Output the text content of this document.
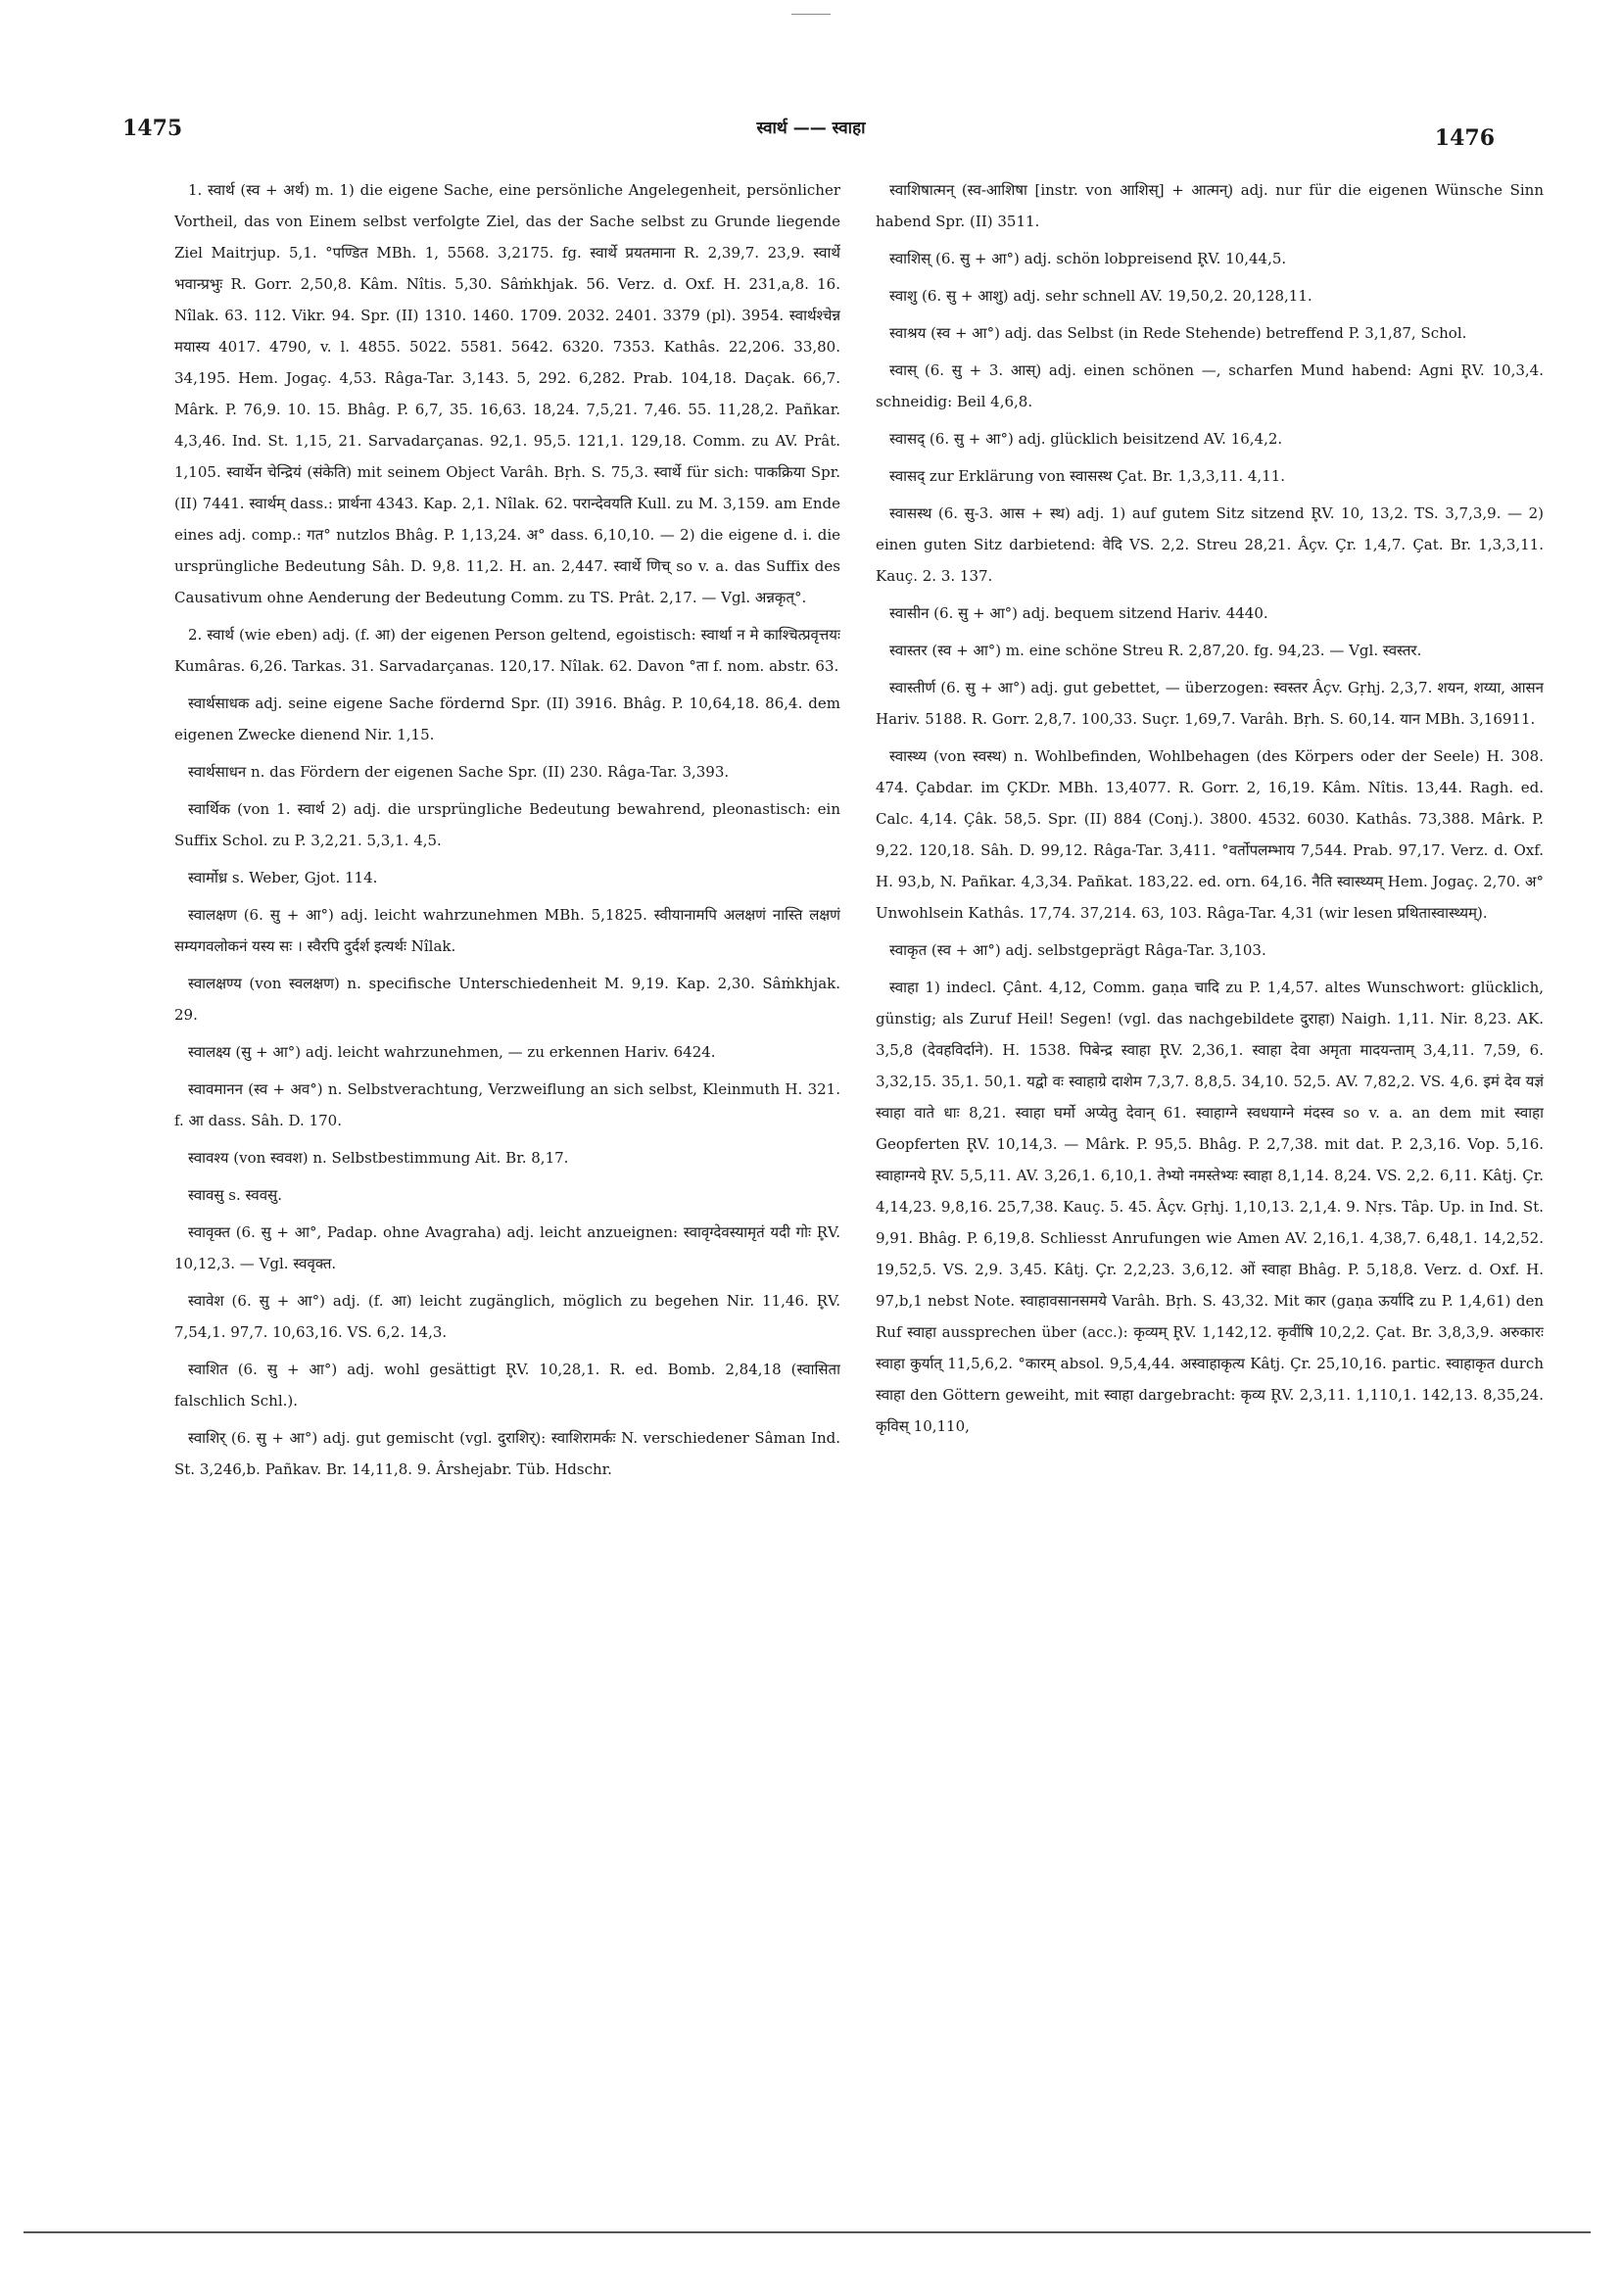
1475	स्वार्थ —— स्वाहा	1476

1. स्वार्थ (स्व + अर्थ) m. 1) die eigene Sache, eine persönliche Angelegenheit, persönlicher Vortheil, das von Einem selbst verfolgte Ziel, das der Sache selbst zu Grunde liegende Ziel Maitrjup. 5,1. °पण्डित MBh. 1, 5568. 3,2175. fg. स्वार्थे प्रयतमाना R. 2,39,7. 23,9. स्वार्थे भवान्प्रभुः R. Gorr. 2,50,8. Kâm. Nîtis. 5,30. Sâṁkhjak. 56. Verz. d. Oxf. H. 231,a,8. 16. Nîlak. 63. 112. Vikr. 94. Spr. (II) 1310. 1460. 1709. 2032. 2401. 3379 (pl). 3954. स्वार्थश्चेन्न मयास्य 4017. 4790, v. l. 4855. 5022. 5581. 5642. 6320. 7353. Kathâs. 22,206. 33,80. 34,195. Hem. Jogaç. 4,53. Râga-Tar. 3,143. 5, 292. 6,282. Prab. 104,18. Daçak. 66,7. Mârk. P. 76,9. 10. 15. Bhâg. P. 6,7, 35. 16,63. 18,24. 7,5,21. 7,46. 55. 11,28,2. Pañkar. 4,3,46. Ind. St. 1,15, 21. Sarvadarçanas. 92,1. 95,5. 121,1. 129,18. Comm. zu AV. Prât. 1,105. स्वार्थेन चेन्द्रियं (संकेति) mit seinem Object Varâh. Bṛh. S. 75,3. स्वार्थे für sich: पाकक्रिया Spr. (II) 7441. स्वार्थम् dass.: प्रार्थना 4343. Kap. 2,1. Nîlak. 62. परान्देवयति Kull. zu M. 3,159. am Ende eines adj. comp.: गत° nutzlos Bhâg. P. 1,13,24. अ° dass. 6,10,10. — 2) die eigene d. i. die ursprüngliche Bedeutung Sâh. D. 9,8. 11,2. H. an. 2,447. स्वार्थे णिच् so v. a. das Suffix des Causativum ohne Aenderung der Bedeutung Comm. zu TS. Prât. 2,17. — Vgl. अन्नकृत्°.

2. स्वार्थ (wie eben) adj. (f. आ) der eigenen Person geltend, egoistisch: स्वार्था न मे काश्चित्प्रवृत्तयः Kumâras. 6,26. Tarkas. 31. Sarvadarçanas. 120,17. Nîlak. 62. Davon °ता f. nom. abstr. 63.

स्वार्थसाधक adj. seine eigene Sache fördernd Spr. (II) 3916. Bhâg. P. 10,64,18. 86,4. dem eigenen Zwecke dienend Nir. 1,15.

स्वार्थसाधन n. das Fördern der eigenen Sache Spr. (II) 230. Râga-Tar. 3,393.

स्वार्थिक (von 1. स्वार्थ 2) adj. die ursprüngliche Bedeutung bewahrend, pleonastisch: ein Suffix Schol. zu P. 3,2,21. 5,3,1. 4,5.

स्वार्मोध्र s. Weber, Gjot. 114.

स्वालक्षण (6. सु + आ°) adj. leicht wahrzunehmen MBh. 5,1825. स्वीयानामपि अलक्षणं नास्ति लक्षणं सम्यगवलोकनं यस्य सः । स्वैरपि दुर्दर्श इत्यर्थः Nîlak.

स्वालक्षण्य (von स्वलक्षण) n. specifische Unterschiedenheit M. 9,19. Kap. 2,30. Sâṁkhjak. 29.

स्वालक्ष्य (सु + आ°) adj. leicht wahrzunehmen, — zu erkennen Hariv. 6424.

स्वावमानन (स्व + अव°) n. Selbstverachtung, Verzweiflung an sich selbst, Kleinmuth H. 321. f. आ dass. Sâh. D. 170.

स्वावश्य (von स्ववश) n. Selbstbestimmung Ait. Br. 8,17.

स्वावसु s. स्ववसु.

स्वावृक्त (6. सु + आ°, Padap. ohne Avagraha) adj. leicht anzueignen: स्वावृग्देवस्यामृतं यदी गोः R̥V. 10,12,3. — Vgl. स्ववृक्त.

स्वावेश (6. सु + आ°) adj. (f. आ) leicht zugänglich, möglich zu begehen Nir. 11,46. R̥V. 7,54,1. 97,7. 10,63,16. VS. 6,2. 14,3.

स्वाशित (6. सु + आ°) adj. wohl gesättigt R̥V. 10,28,1. R. ed. Bomb. 2,84,18 (स्वासिता falschlich Schl.).

स्वाशिर् (6. सु + आ°) adj. gut gemischt (vgl. दुराशिर्): स्वाशिरामर्कः N. verschiedener Sâman Ind. St. 3,246,b. Pañkav. Br. 14,11,8. 9. Ârshejabr. Tüb. Hdschr.

स्वाशिषात्मन् (स्व-आशिषा [instr. von आशिस्] + आत्मन्) adj. nur für die eigenen Wünsche Sinn habend Spr. (II) 3511.

स्वाशिस् (6. सु + आ°) adj. schön lobpreisend R̥V. 10,44,5.

स्वाशु (6. सु + आशु) adj. sehr schnell AV. 19,50,2. 20,128,11.

स्वाश्रय (स्व + आ°) adj. das Selbst (in Rede Stehende) betreffend P. 3,1,87, Schol.

स्वास् (6. सु + 3. आस्) adj. einen schönen —, scharfen Mund habend: Agni R̥V. 10,3,4. schneidig: Beil 4,6,8.

स्वासद् (6. सु + आ°) adj. glücklich beisitzend AV. 16,4,2.

स्वासद् zur Erklärung von स्वासस्थ Çat. Br. 1,3,3,11. 4,11.

स्वासस्थ (6. सु-3. आस + स्थ) adj. 1) auf gutem Sitz sitzend R̥V. 10, 13,2. TS. 3,7,3,9. — 2) einen guten Sitz darbietend: वेदि VS. 2,2. Streu 28,21. Âçv. Çr. 1,4,7. Çat. Br. 1,3,3,11. Kauç. 2. 3. 137.

स्वासीन (6. सु + आ°) adj. bequem sitzend Hariv. 4440.

स्वास्तर (स्व + आ°) m. eine schöne Streu R. 2,87,20. fg. 94,23. — Vgl. स्वस्तर.

स्वास्तीर्ण (6. सु + आ°) adj. gut gebettet, — überzogen: स्वस्तर Âçv. Gṛhj. 2,3,7. शयन, शय्या, आसन Hariv. 5188. R. Gorr. 2,8,7. 100,33. Suçr. 1,69,7. Varâh. Bṛh. S. 60,14. यान MBh. 3,16911.

स्वास्थ्य (von स्वस्थ) n. Wohlbefinden, Wohlbehagen (des Körpers oder der Seele) H. 308. 474. Çabdar. im ÇKDr. MBh. 13,4077. R. Gorr. 2, 16,19. Kâm. Nîtis. 13,44. Ragh. ed. Calc. 4,14. Çâk. 58,5. Spr. (II) 884 (Conj.). 3800. 4532. 6030. Kathâs. 73,388. Mârk. P. 9,22. 120,18. Sâh. D. 99,12. Râga-Tar. 3,411. °वर्तोपलम्भाय 7,544. Prab. 97,17. Verz. d. Oxf. H. 93,b, N. Pañkar. 4,3,34. Pañkat. 183,22. ed. orn. 64,16. नैति स्वास्थ्यम् Hem. Jogaç. 2,70. अ° Unwohlsein Kathâs. 17,74. 37,214. 63, 103. Râga-Tar. 4,31 (wir lesen प्रथितास्वास्थ्यम्).

स्वाकृत (स्व + आ°) adj. selbstgeprägt Râga-Tar. 3,103.

स्वाहा 1) indecl. Çânt. 4,12, Comm. gaṇa चादि zu P. 1,4,57. altes Wunschwort: glücklich, günstig; als Zuruf Heil! Segen! (vgl. das nachgebildete दुराहा) Naigh. 1,11. Nir. 8,23. AK. 3,5,8 (देवहविर्दाने). H. 1538. पिबेन्द्र स्वाहा R̥V. 2,36,1. स्वाहा देवा अमृता मादयन्ताम् 3,4,11. 7,59, 6. 3,32,15. 35,1. 50,1. यद्वो वः स्वाहाग्रे दाशेम 7,3,7. 8,8,5. 34,10. 52,5. AV. 7,82,2. VS. 4,6. इमं देव यज्ञं स्वाहा वाते धाः 8,21. स्वाहा घर्मो अप्येतु देवान् 61. स्वाहाग्ने स्वधयाग्ने मंदस्व so v. a. an dem mit स्वाहा Geopferten R̥V. 10,14,3. — Mârk. P. 95,5. Bhâg. P. 2,7,38. mit dat. P. 2,3,16. Vop. 5,16. स्वाहाग्नये R̥V. 5,5,11. AV. 3,26,1. 6,10,1. तेभ्यो नमस्तेभ्यः स्वाहा 8,1,14. 8,24. VS. 2,2. 6,11. Kâtj. Çr. 4,14,23. 9,8,16. 25,7,38. Kauç. 5. 45. Âçv. Gṛhj. 1,10,13. 2,1,4. 9. Nṛs. Tâp. Up. in Ind. St. 9,91. Bhâg. P. 6,19,8. Schliesst Anrufungen wie Amen AV. 2,16,1. 4,38,7. 6,48,1. 14,2,52. 19,52,5. VS. 2,9. 3,45. Kâtj. Çr. 2,2,23. 3,6,12. ओं स्वाहा Bhâg. P. 5,18,8. Verz. d. Oxf. H. 97,b,1 nebst Note. स्वाहावसानसमये Varâh. Bṛh. S. 43,32. Mit कार (gaṇa ऊर्यादि zu P. 1,4,61) den Ruf स्वाहा aussprechen über (acc.): कृव्यम् R̥V. 1,142,12. कृवींषि 10,2,2. Çat. Br. 3,8,3,9. अरुकारः स्वाहा कुर्यात् 11,5,6,2. °कारम् absol. 9,5,4,44. अस्वाहाकृत्य Kâtj. Çr. 25,10,16. partic. स्वाहाकृत durch स्वाहा den Göttern geweiht, mit स्वाहा dargebracht: कृव्य R̥V. 2,3,11. 1,110,1. 142,13. 8,35,24. कृविस् 10,110,
